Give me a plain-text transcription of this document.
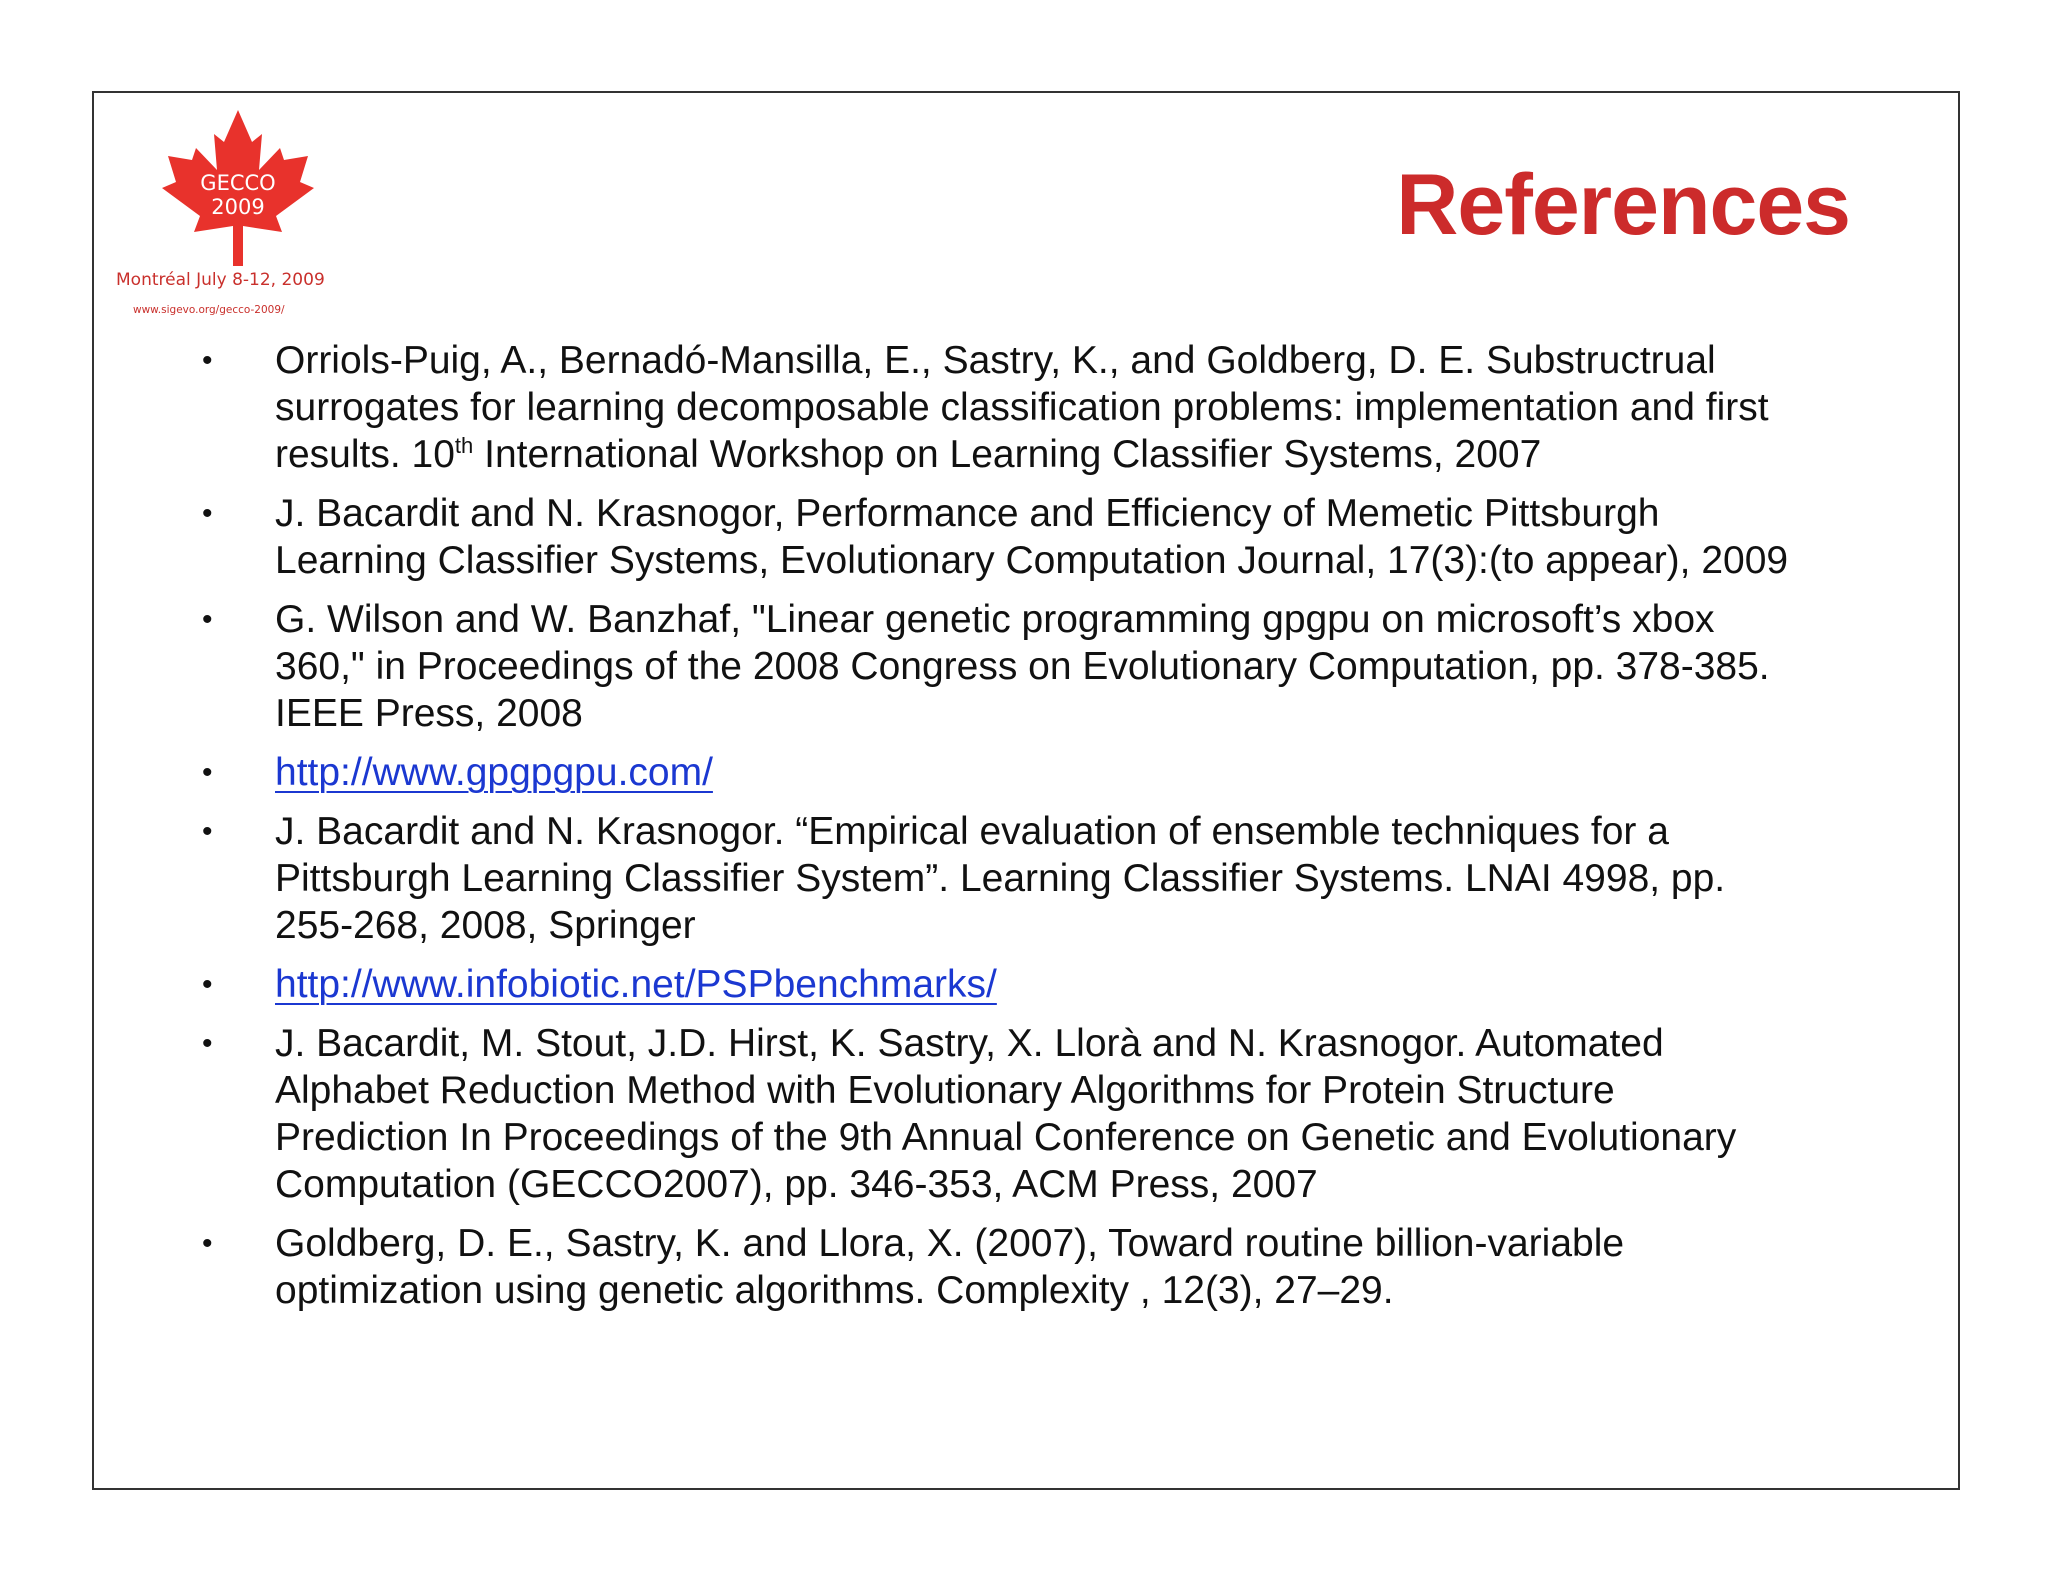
GECCO
2009
Montréal July 8-12, 2009
www.sigevo.org/gecco-2009/
References
• Orriols-Puig, A., Bernadó-Mansilla, E., Sastry, K., and Goldberg, D. E. Substructrual
surrogates for learning decomposable classification problems: implementation and first
results. 10th International Workshop on Learning Classifier Systems, 2007
• J. Bacardit and N. Krasnogor, Performance and Efficiency of Memetic Pittsburgh
Learning Classifier Systems, Evolutionary Computation Journal, 17(3):(to appear), 2009
• G. Wilson and W. Banzhaf, "Linear genetic programming gpgpu on microsoft’s xbox
360," in Proceedings of the 2008 Congress on Evolutionary Computation, pp. 378-385.
IEEE Press, 2008
• http://www.gpgpgpu.com/
• J. Bacardit and N. Krasnogor. “Empirical evaluation of ensemble techniques for a
Pittsburgh Learning Classifier System”. Learning Classifier Systems. LNAI 4998, pp.
255-268, 2008, Springer
• http://www.infobiotic.net/PSPbenchmarks/
• J. Bacardit, M. Stout, J.D. Hirst, K. Sastry, X. Llorà and N. Krasnogor. Automated
Alphabet Reduction Method with Evolutionary Algorithms for Protein Structure
Prediction In Proceedings of the 9th Annual Conference on Genetic and Evolutionary
Computation (GECCO2007), pp. 346-353, ACM Press, 2007
• Goldberg, D. E., Sastry, K. and Llora, X. (2007), Toward routine billion-variable
optimization using genetic algorithms. Complexity , 12(3), 27–29.
